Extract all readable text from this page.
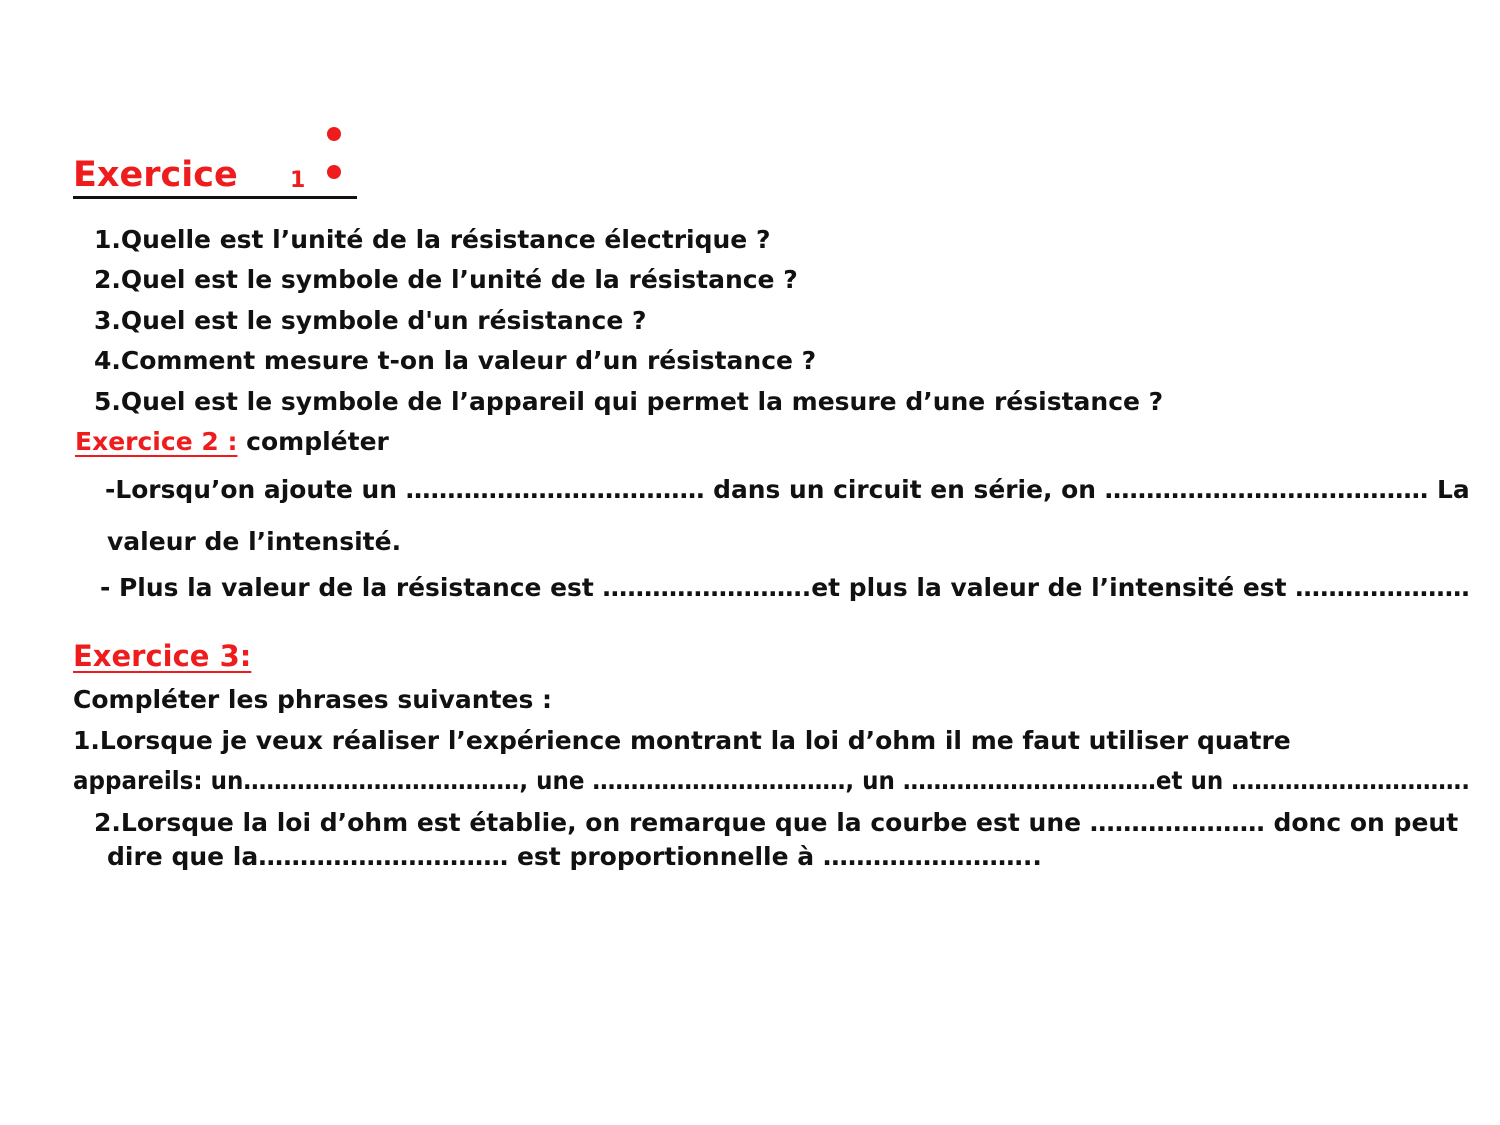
Exercice 1
1.Quelle est l’unité de la résistance électrique ?
2.Quel est le symbole de l’unité de la résistance ?
3.Quel est le symbole d'un résistance ?
4.Comment mesure t-on la valeur d’un résistance ?
5.Quel est le symbole de l’appareil qui permet la mesure d’une résistance ?
Exercice 2 : compléter
-Lorsqu’on ajoute un ……………………………… dans un circuit en série, on ………………………………… La
valeur de l’intensité.
- Plus la valeur de la résistance est …………………….et plus la valeur de l’intensité est …………………
Exercice 3:
Compléter les phrases suivantes :
1.Lorsque je veux réaliser l’expérience montrant la loi d’ohm il me faut utiliser quatre
appareils: un………………………………, une ……………………………, un ……………………………et un ………………………….
2.Lorsque la loi d’ohm est établie, on remarque que la courbe est une ………………… donc on peut
dire que la………………………… est proportionnelle à ……………………..
